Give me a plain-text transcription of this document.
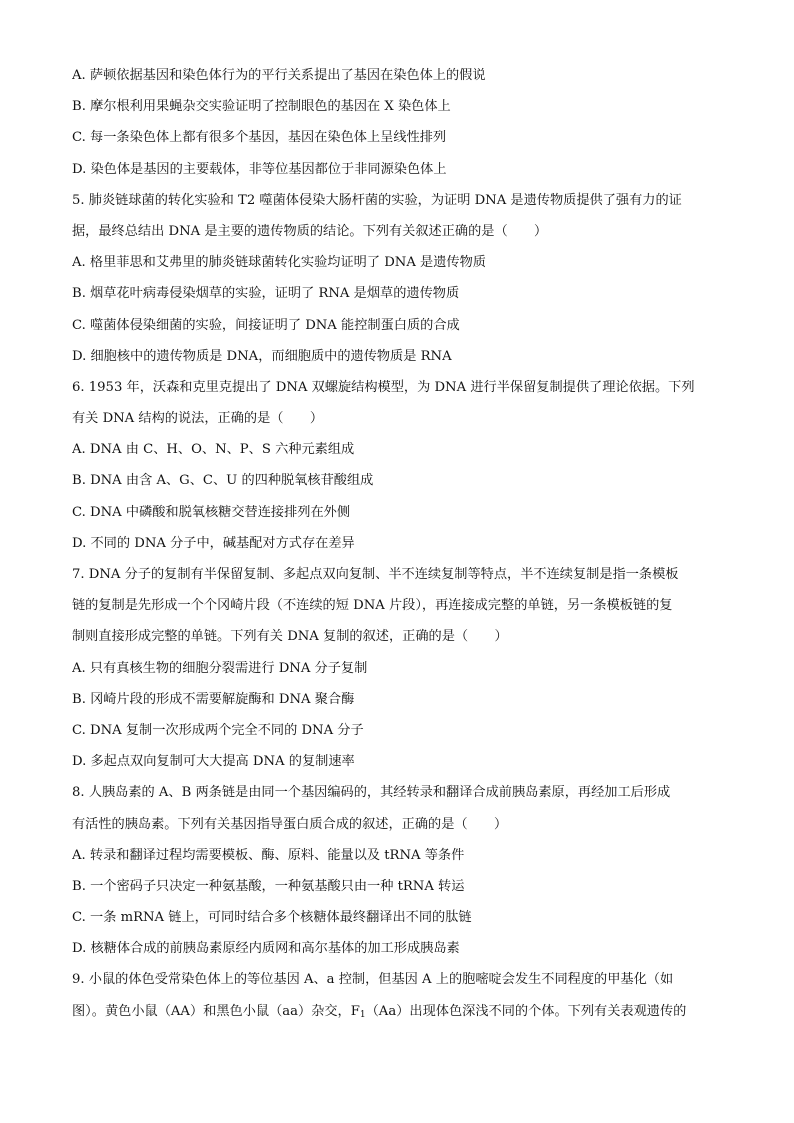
A. 萨顿依据基因和染色体行为的平行关系提出了基因在染色体上的假说
B. 摩尔根利用果蝇杂交实验证明了控制眼色的基因在 X 染色体上
C. 每一条染色体上都有很多个基因，基因在染色体上呈线性排列
D. 染色体是基因的主要载体，非等位基因都位于非同源染色体上
5. 肺炎链球菌的转化实验和 T2 噬菌体侵染大肠杆菌的实验，为证明 DNA 是遗传物质提供了强有力的证
据，最终总结出 DNA 是主要的遗传物质的结论。下列有关叙述正确的是（　　）
A. 格里菲思和艾弗里的肺炎链球菌转化实验均证明了 DNA 是遗传物质
B. 烟草花叶病毒侵染烟草的实验，证明了 RNA 是烟草的遗传物质
C. 噬菌体侵染细菌的实验，间接证明了 DNA 能控制蛋白质的合成
D. 细胞核中的遗传物质是 DNA，而细胞质中的遗传物质是 RNA
6. 1953 年，沃森和克里克提出了 DNA 双螺旋结构模型，为 DNA 进行半保留复制提供了理论依据。下列
有关 DNA 结构的说法，正确的是（　　）
A. DNA 由 C、H、O、N、P、S 六种元素组成
B. DNA 由含 A、G、C、U 的四种脱氧核苷酸组成
C. DNA 中磷酸和脱氧核糖交替连接排列在外侧
D. 不同的 DNA 分子中，碱基配对方式存在差异
7. DNA 分子的复制有半保留复制、多起点双向复制、半不连续复制等特点，半不连续复制是指一条模板
链的复制是先形成一个个冈崎片段（不连续的短 DNA 片段），再连接成完整的单链，另一条模板链的复
制则直接形成完整的单链。下列有关 DNA 复制的叙述，正确的是（　　）
A. 只有真核生物的细胞分裂需进行 DNA 分子复制
B. 冈崎片段的形成不需要解旋酶和 DNA 聚合酶
C. DNA 复制一次形成两个完全不同的 DNA 分子
D. 多起点双向复制可大大提高 DNA 的复制速率
8. 人胰岛素的 A、B 两条链是由同一个基因编码的，其经转录和翻译合成前胰岛素原，再经加工后形成
有活性的胰岛素。下列有关基因指导蛋白质合成的叙述，正确的是（　　）
A. 转录和翻译过程均需要模板、酶、原料、能量以及 tRNA 等条件
B. 一个密码子只决定一种氨基酸，一种氨基酸只由一种 tRNA 转运
C. 一条 mRNA 链上，可同时结合多个核糖体最终翻译出不同的肽链
D. 核糖体合成的前胰岛素原经内质网和高尔基体的加工形成胰岛素
9. 小鼠的体色受常染色体上的等位基因 A、a 控制，但基因 A 上的胞嘧啶会发生不同程度的甲基化（如
图）。黄色小鼠（AA）和黑色小鼠（aa）杂交，$F_1(Aa)$出现体色深浅不同的个体。下列有关表观遗传的
